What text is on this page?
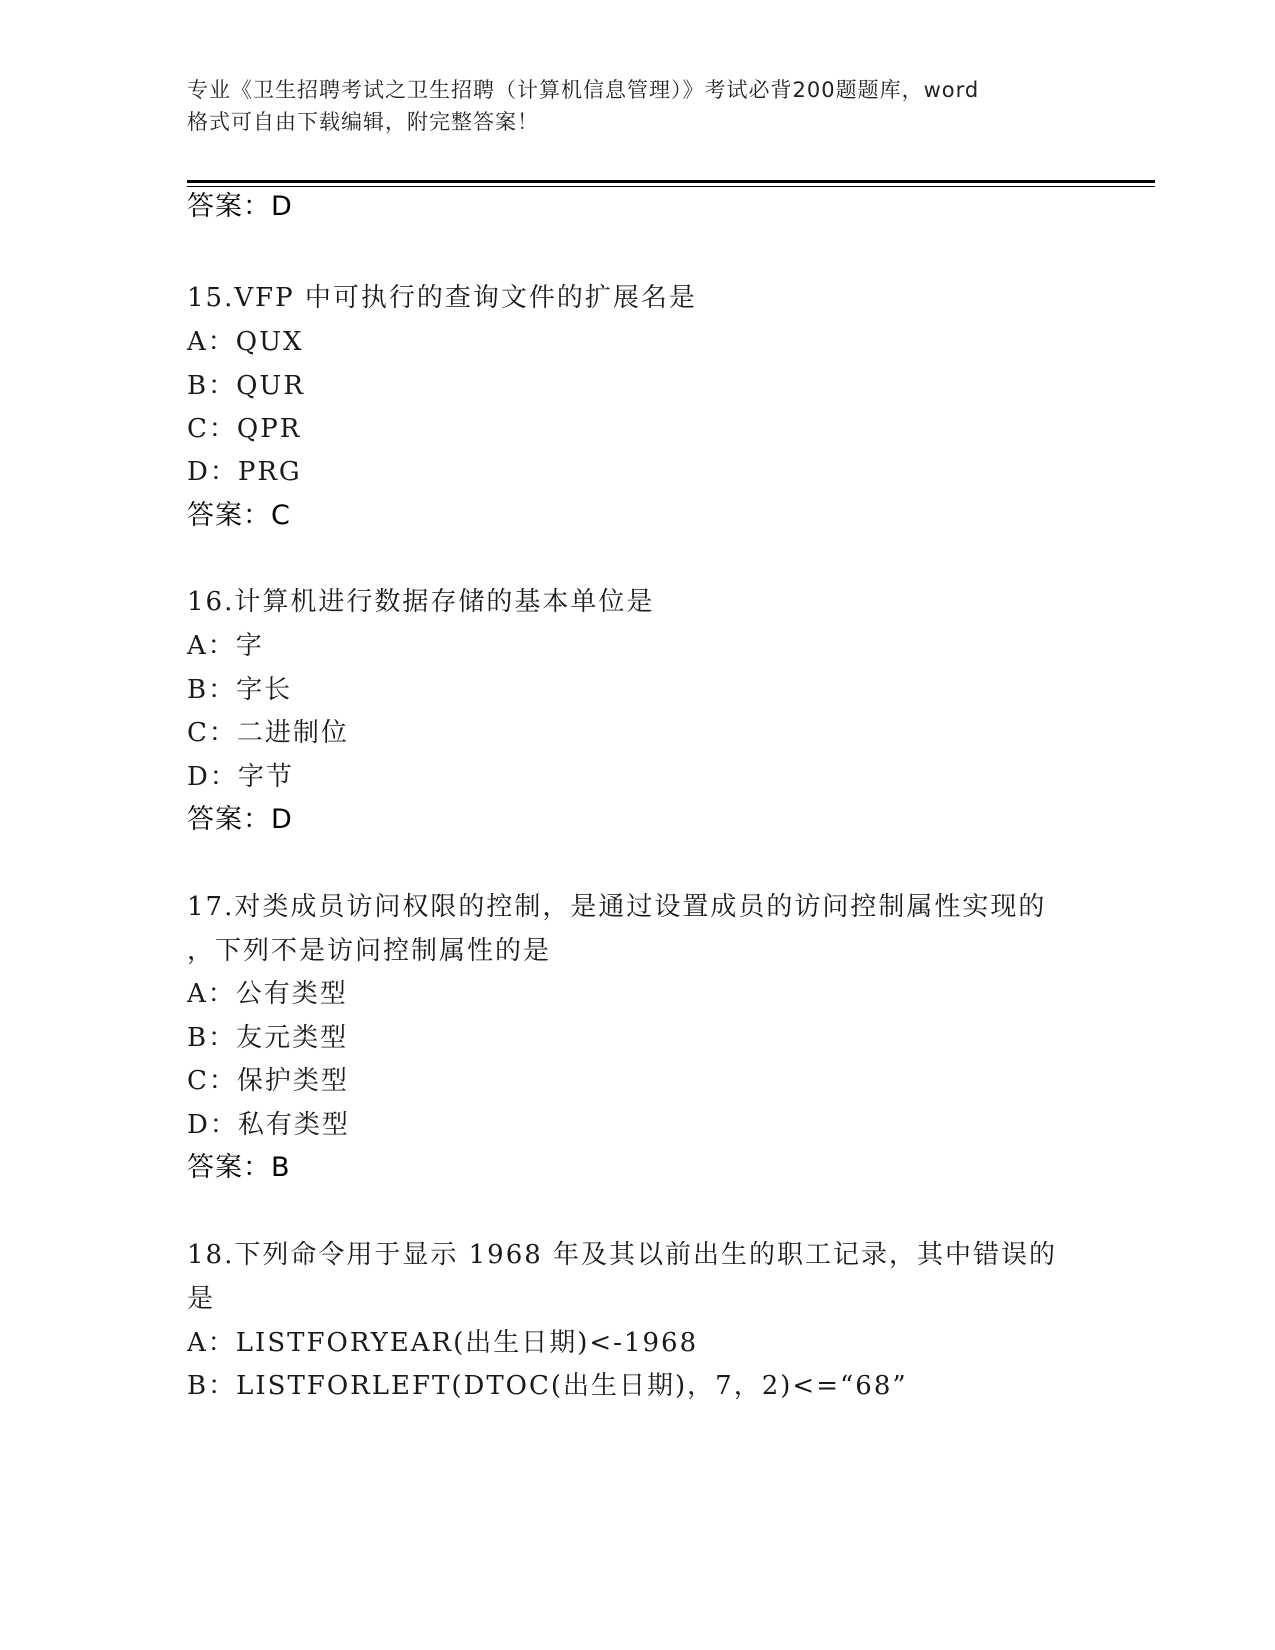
专业《卫生招聘考试之卫生招聘（计算机信息管理）》考试必背200题题库，word
格式可自由下载编辑，附完整答案！
答案：D
15.VFP 中可执行的查询文件的扩展名是
A：QUX
B：QUR
C：QPR
D：PRG
答案：C
16.计算机进行数据存储的基本单位是
A：字
B：字长
C：二进制位
D：字节
答案：D
17.对类成员访问权限的控制，是通过设置成员的访问控制属性实现的
，下列不是访问控制属性的是
A：公有类型
B：友元类型
C：保护类型
D：私有类型
答案：B
18.下列命令用于显示 1968 年及其以前出生的职工记录，其中错误的
是
A：LISTFORYEAR(出生日期)<-1968
B：LISTFORLEFT(DTOC(出生日期)，7，2)<=“68”
